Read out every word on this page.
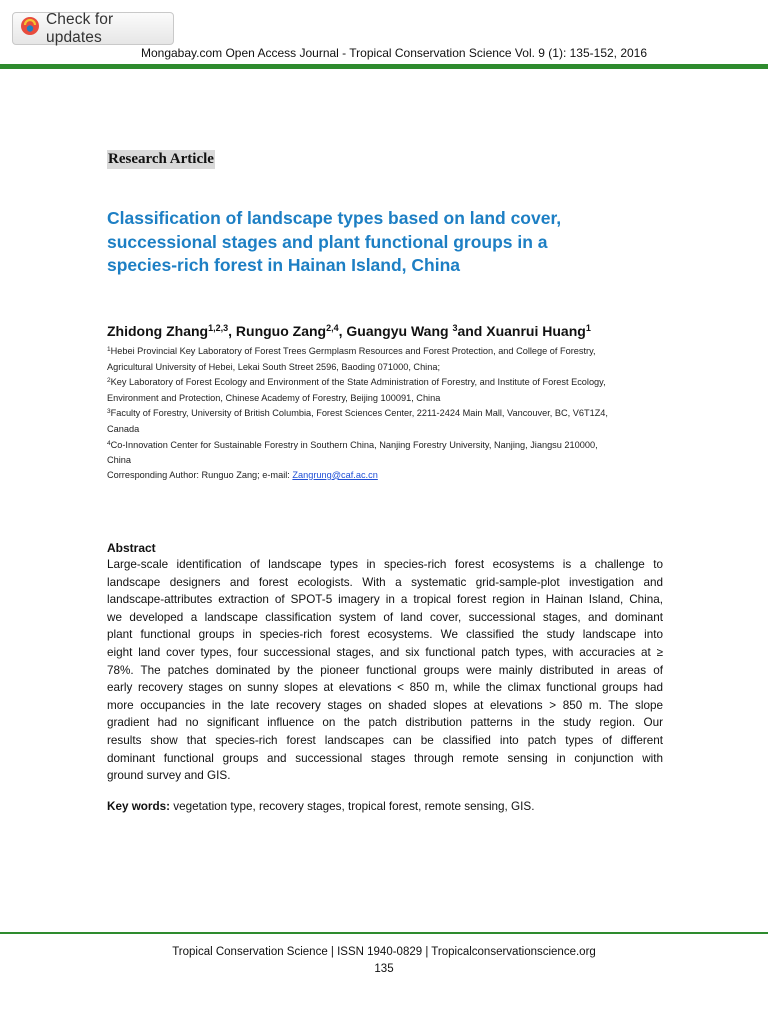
Check for updates
Mongabay.com Open Access Journal - Tropical Conservation Science Vol. 9 (1): 135-152, 2016
Research Article
Classification of landscape types based on land cover,
successional stages and plant functional groups in a
species-rich forest in Hainan Island, China
Zhidong Zhang$^{1,2,3}$, Runguo Zang$^{2,4}$, Guangyu Wang $^3$and Xuanrui Huang$^1$
$^1$Hebei Provincial Key Laboratory of Forest Trees Germplasm Resources and Forest Protection, and College of Forestry,
Agricultural University of Hebei, Lekai South Street 2596, Baoding 071000, China;
$^2$Key Laboratory of Forest Ecology and Environment of the State Administration of Forestry, and Institute of Forest Ecology,
Environment and Protection, Chinese Academy of Forestry, Beijing 100091, China
$^3$Faculty of Forestry, University of British Columbia, Forest Sciences Center, 2211-2424 Main Mall, Vancouver, BC, V6T1Z4,
Canada
$^4$Co-Innovation Center for Sustainable Forestry in Southern China, Nanjing Forestry University, Nanjing, Jiangsu 210000,
China
Corresponding Author: Runguo Zang; e-mail: Zangrung@caf.ac.cn
Abstract
Large-scale identification of landscape types in species-rich forest ecosystems is a challenge to
landscape designers and forest ecologists. With a systematic grid-sample-plot investigation and
landscape-attributes extraction of SPOT-5 imagery in a tropical forest region in Hainan Island, China,
we developed a landscape classification system of land cover, successional stages, and dominant
plant functional groups in species-rich forest ecosystems. We classified the study landscape into
eight land cover types, four successional stages, and six functional patch types, with accuracies at ≥
78%. The patches dominated by the pioneer functional groups were mainly distributed in areas of
early recovery stages on sunny slopes at elevations < 850 m, while the climax functional groups had
more occupancies in the late recovery stages on shaded slopes at elevations > 850 m. The slope
gradient had no significant influence on the patch distribution patterns in the study region. Our
results show that species-rich forest landscapes can be classified into patch types of different
dominant functional groups and successional stages through remote sensing in conjunction with
ground survey and GIS.
Key words: vegetation type, recovery stages, tropical forest, remote sensing, GIS.
Tropical Conservation Science | ISSN 1940-0829 | Tropicalconservationscience.org
135
